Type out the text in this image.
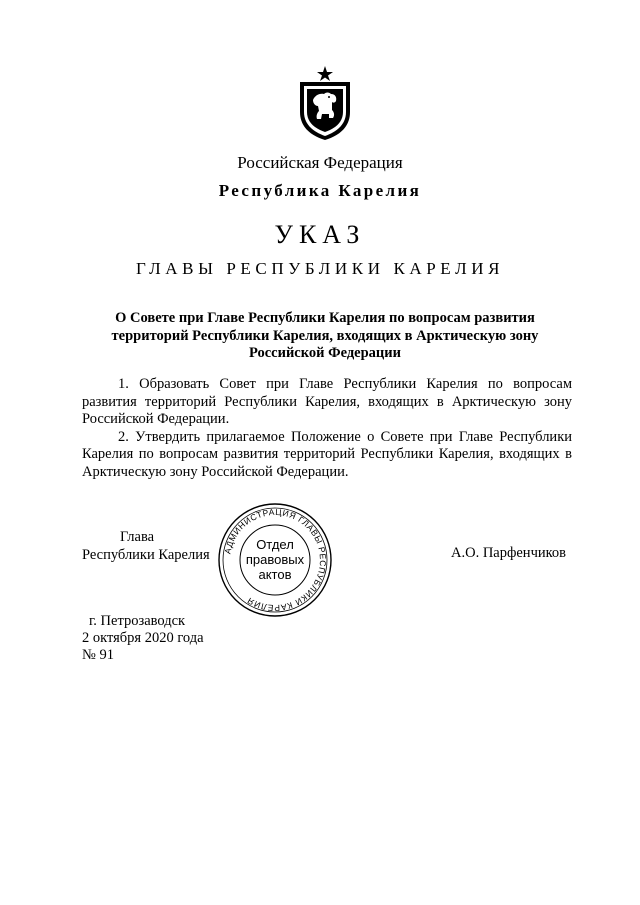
Российская Федерация
Республика Карелия
УКАЗ
ГЛАВЫ РЕСПУБЛИКИ КАРЕЛИЯ
О Совете при Главе Республики Карелия по вопросам развития
территорий Республики Карелия, входящих в Арктическую зону
Российской Федерации

1. Образовать Совет при Главе Республики Карелия по вопросам развития территорий Республики Карелия, входящих в Арктическую зону Российской Федерации.

2. Утвердить прилагаемое Положение о Совете при Главе Республики Карелия по вопросам развития территорий Республики Карелия, входящих в Арктическую зону Российской Федерации.

Глава
Республики Карелия АДМИНИСТРАЦИЯ ГЛАВЫ РЕСПУБЛИКИ КАРЕЛИЯ
Отдел
правовых
актов
А.О. Парфенчиков
г. Петрозаводск
2 октября 2020 года
№ 91
